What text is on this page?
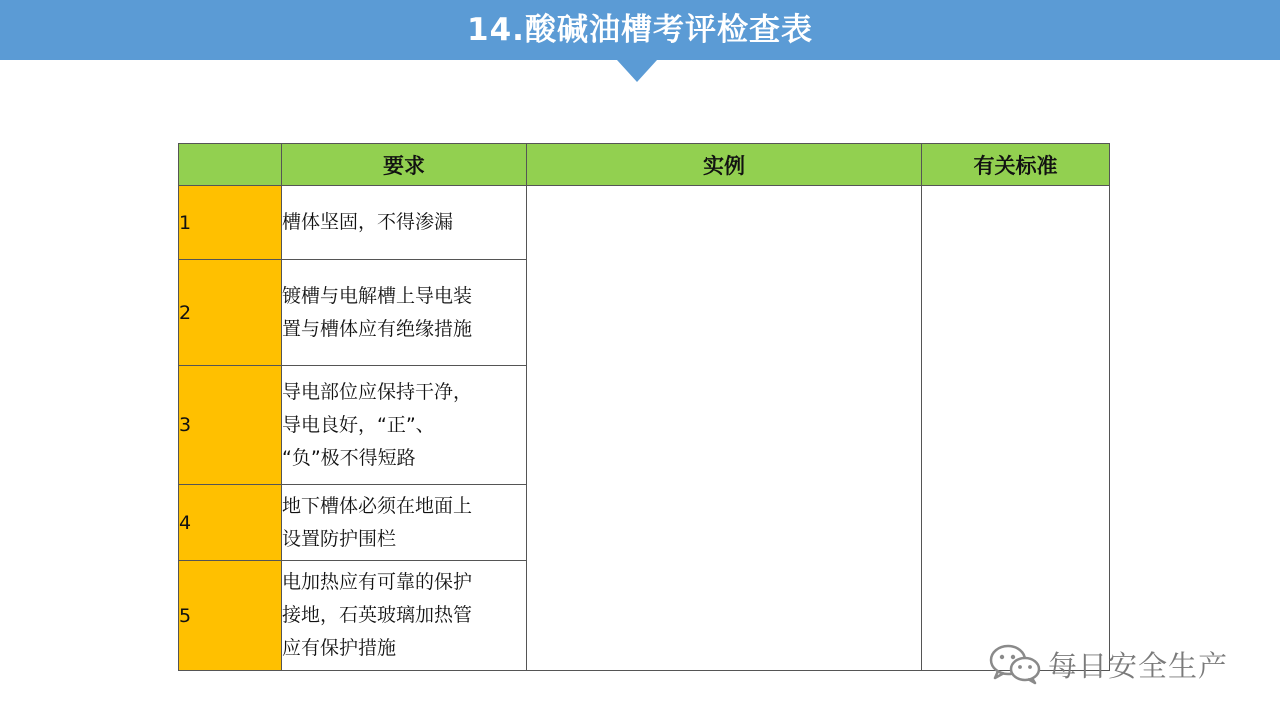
14.酸碱油槽考评检查表
	要求	实例	有关标准
1	槽体坚固，不得渗漏		

2	镀槽与电解槽上导电装
置与槽体应有绝缘措施		

3	导电部位应保持干净，
导电良好，“正”、
“负”极不得短路		

4	地下槽体必须在地面上
设置防护围栏		

5	电加热应有可靠的保护
接地，石英玻璃加热管
应有保护措施		
每日安全生产
